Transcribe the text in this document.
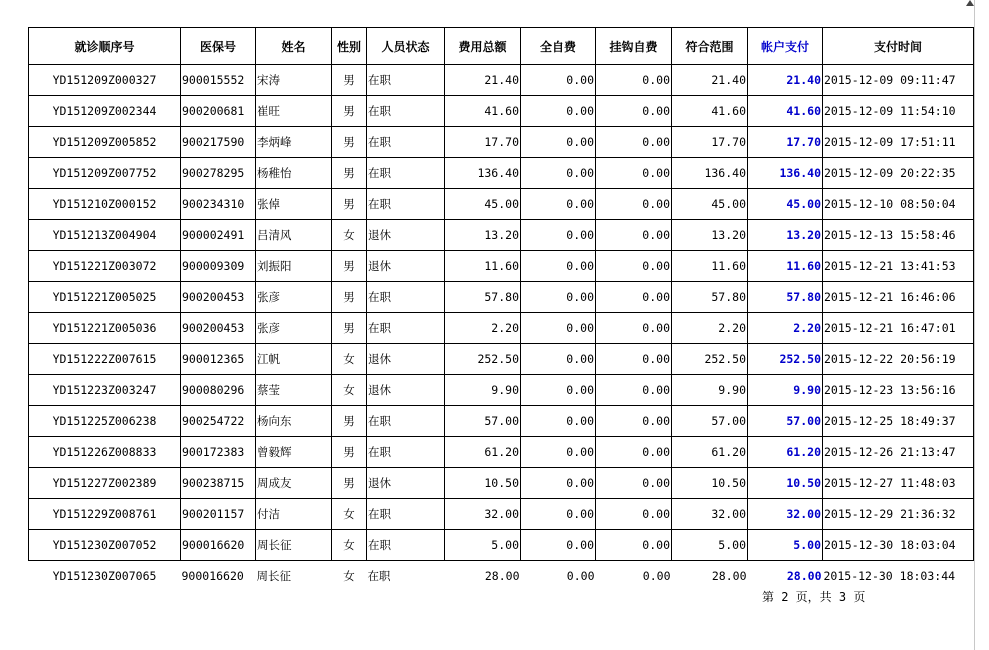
就诊顺序号	医保号	姓名	性别	人员状态	费用总额	全自费	挂钩自费	符合范围	帐户支付	支付时间
YD151209Z000327	900015552	宋涛	男	在职	21.40	0.00	0.00	21.40	21.40	2015-12-09 09:11:47
YD151209Z002344	900200681	崔旺	男	在职	41.60	0.00	0.00	41.60	41.60	2015-12-09 11:54:10
YD151209Z005852	900217590	李炳峰	男	在职	17.70	0.00	0.00	17.70	17.70	2015-12-09 17:51:11
YD151209Z007752	900278295	杨稚怡	男	在职	136.40	0.00	0.00	136.40	136.40	2015-12-09 20:22:35
YD151210Z000152	900234310	张倬	男	在职	45.00	0.00	0.00	45.00	45.00	2015-12-10 08:50:04
YD151213Z004904	900002491	吕清风	女	退休	13.20	0.00	0.00	13.20	13.20	2015-12-13 15:58:46
YD151221Z003072	900009309	刘振阳	男	退休	11.60	0.00	0.00	11.60	11.60	2015-12-21 13:41:53
YD151221Z005025	900200453	张彦	男	在职	57.80	0.00	0.00	57.80	57.80	2015-12-21 16:46:06
YD151221Z005036	900200453	张彦	男	在职	2.20	0.00	0.00	2.20	2.20	2015-12-21 16:47:01
YD151222Z007615	900012365	江帆	女	退休	252.50	0.00	0.00	252.50	252.50	2015-12-22 20:56:19
YD151223Z003247	900080296	蔡莹	女	退休	9.90	0.00	0.00	9.90	9.90	2015-12-23 13:56:16
YD151225Z006238	900254722	杨向东	男	在职	57.00	0.00	0.00	57.00	57.00	2015-12-25 18:49:37
YD151226Z008833	900172383	曾毅辉	男	在职	61.20	0.00	0.00	61.20	61.20	2015-12-26 21:13:47
YD151227Z002389	900238715	周成友	男	退休	10.50	0.00	0.00	10.50	10.50	2015-12-27 11:48:03
YD151229Z008761	900201157	付洁	女	在职	32.00	0.00	0.00	32.00	32.00	2015-12-29 21:36:32
YD151230Z007052	900016620	周长征	女	在职	5.00	0.00	0.00	5.00	5.00	2015-12-30 18:03:04
YD151230Z007065	900016620	周长征	女	在职	28.00	0.00	0.00	28.00	28.00	2015-12-30 18:03:44
第 2 页，共 3 页
